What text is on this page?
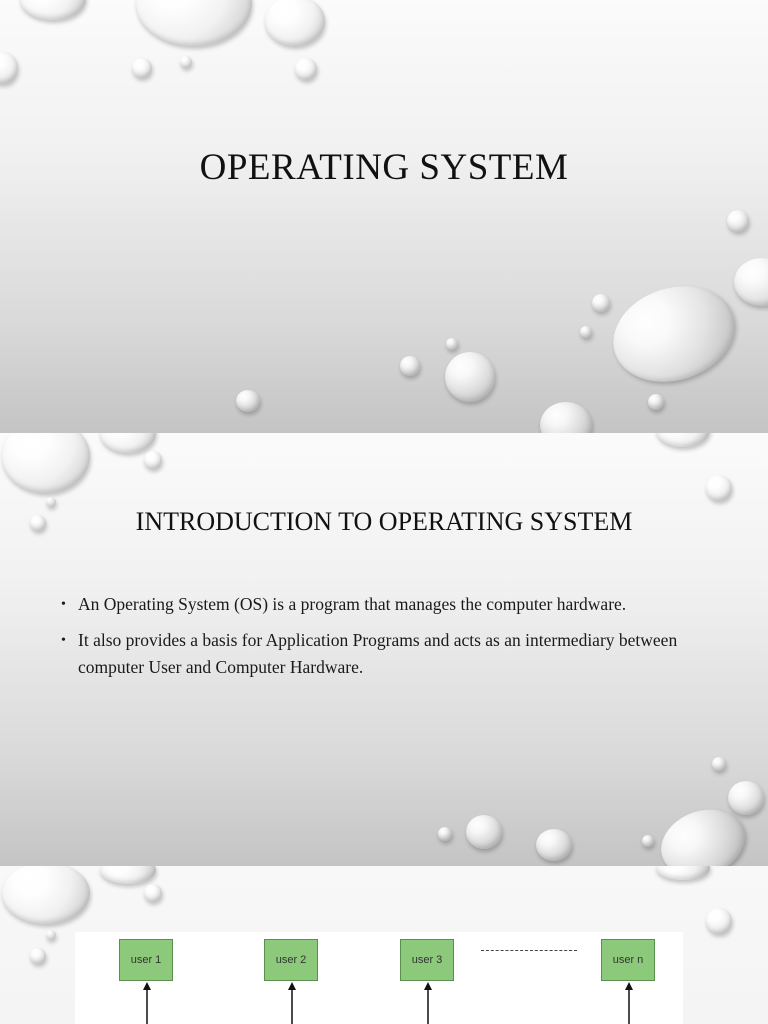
OPERATING SYSTEM
INTRODUCTION TO OPERATING SYSTEM
• An Operating System (OS) is a program that manages the computer hardware.
• It also provides a basis for Application Programs and acts as an intermediary between computer User and Computer Hardware.
user 1	user 2	user 3	user n
